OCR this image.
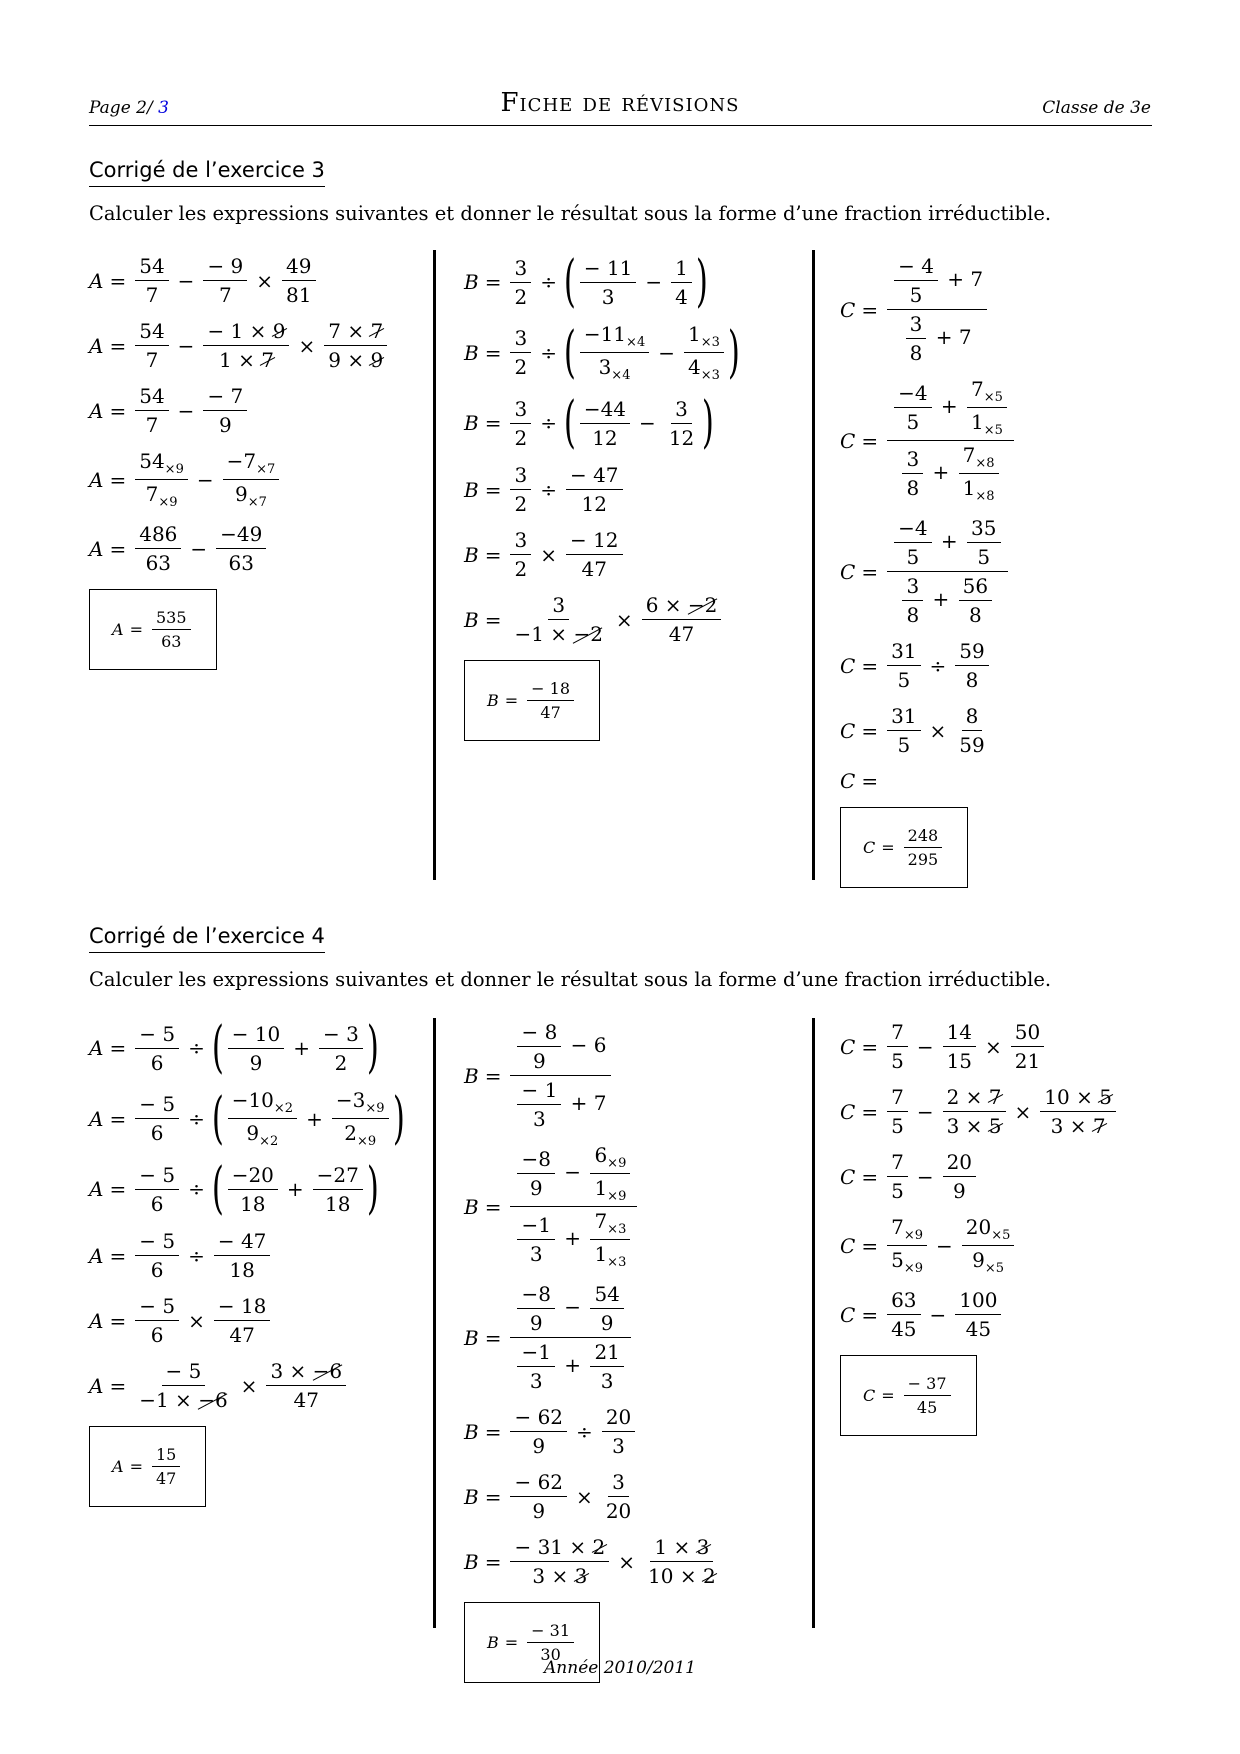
Page 2/ 3	Fiche de révisions	Classe de 3e
Corrigé de l’exercice 3
Calculer les expressions suivantes et donner le résultat sous la forme d’une fraction irréductible.
$A = \frac{54}{7} - \frac{- 9}{7} \times \frac{49}{81}$
$A = \frac{54}{7} - \frac{- 1 \times 9}{1 \times 7} \times \frac{7 \times 7}{9 \times 9}$
$A = \frac{54}{7} - \frac{- 7}{9}$
$A = \frac{54_{\times 9}}{7_{\times 9}} - \frac{-7_{\times 7}}{9_{\times 7}}$
$A = \frac{486}{63} - \frac{-49}{63}$
$A = \frac{535}{63}$
$B = \frac{3}{2}$ ÷ ( − 11
3
− $\frac{1}{4}$ )
$B = \frac{3}{2}$ ÷ ( $-11_{\times 4}$
$3_{\times 4}$
− $\frac{1_{\times 3}}{4_{\times 3}}$ )
$B = \frac{3}{2}$ ÷ ( −44
12
− $\frac{3}{12}$ )
$B = \frac{3}{2} \div \frac{- 47}{12}$
$B = \frac{3}{2} \times \frac{- 12}{47}$
$B = \frac{3}{-1 \times -2} \times \frac{6 \times -2}{47}$
$B = \frac{- 18}{47}$
$C = \frac{\frac{- 4}{5} + 7}{\frac{3}{8} + 7}$
$C = \frac{\frac{-4}{5} + \frac{7_{\times 5}}{1_{\times 5}}}{\frac{3}{8} + \frac{7_{\times 8}}{1_{\times 8}}}$
$C = \frac{\frac{-4}{5} + \frac{35}{5}}{\frac{3}{8} + \frac{56}{8}}$
$C = \frac{31}{5} \div \frac{59}{8}$
$C = \frac{31}{5} \times \frac{8}{59}$
C =
$C = \frac{248}{295}$
Corrigé de l’exercice 4
Calculer les expressions suivantes et donner le résultat sous la forme d’une fraction irréductible.
$A = \frac{- 5}{6}$ ÷ ( − 10
9
+ $\frac{- 3}{2}$ )
$A = \frac{- 5}{6}$ ÷ ( $-10_{\times 2}$
$9_{\times 2}$
+ $\frac{-3_{\times 9}}{2_{\times 9}}$ )
$A = \frac{- 5}{6}$ ÷ ( −20
18
+ $\frac{-27}{18}$ )
$A = \frac{- 5}{6} \div \frac{- 47}{18}$
$A = \frac{- 5}{6} \times \frac{- 18}{47}$
$A = \frac{- 5}{-1 \times -6} \times \frac{3 \times -6}{47}$
$A = \frac{15}{47}$
$B = \frac{\frac{- 8}{9} - 6}{\frac{- 1}{3} + 7}$
$B = \frac{\frac{-8}{9} - \frac{6_{\times 9}}{1_{\times 9}}}{\frac{-1}{3} + \frac{7_{\times 3}}{1_{\times 3}}}$
$B = \frac{\frac{-8}{9} - \frac{54}{9}}{\frac{-1}{3} + \frac{21}{3}}$
$B = \frac{- 62}{9} \div \frac{20}{3}$
$B = \frac{- 62}{9} \times \frac{3}{20}$
$B = \frac{- 31 \times 2}{3 \times 3} \times \frac{1 \times 3}{10 \times 2}$
$B = \frac{- 31}{30}$
$C = \frac{7}{5} - \frac{14}{15} \times \frac{50}{21}$
$C = \frac{7}{5} - \frac{2 \times 7}{3 \times 5} \times \frac{10 \times 5}{3 \times 7}$
$C = \frac{7}{5} - \frac{20}{9}$
$C = \frac{7_{\times 9}}{5_{\times 9}} - \frac{20_{\times 5}}{9_{\times 5}}$
$C = \frac{63}{45} - \frac{100}{45}$
$C = \frac{- 37}{45}$
Année 2010/2011
